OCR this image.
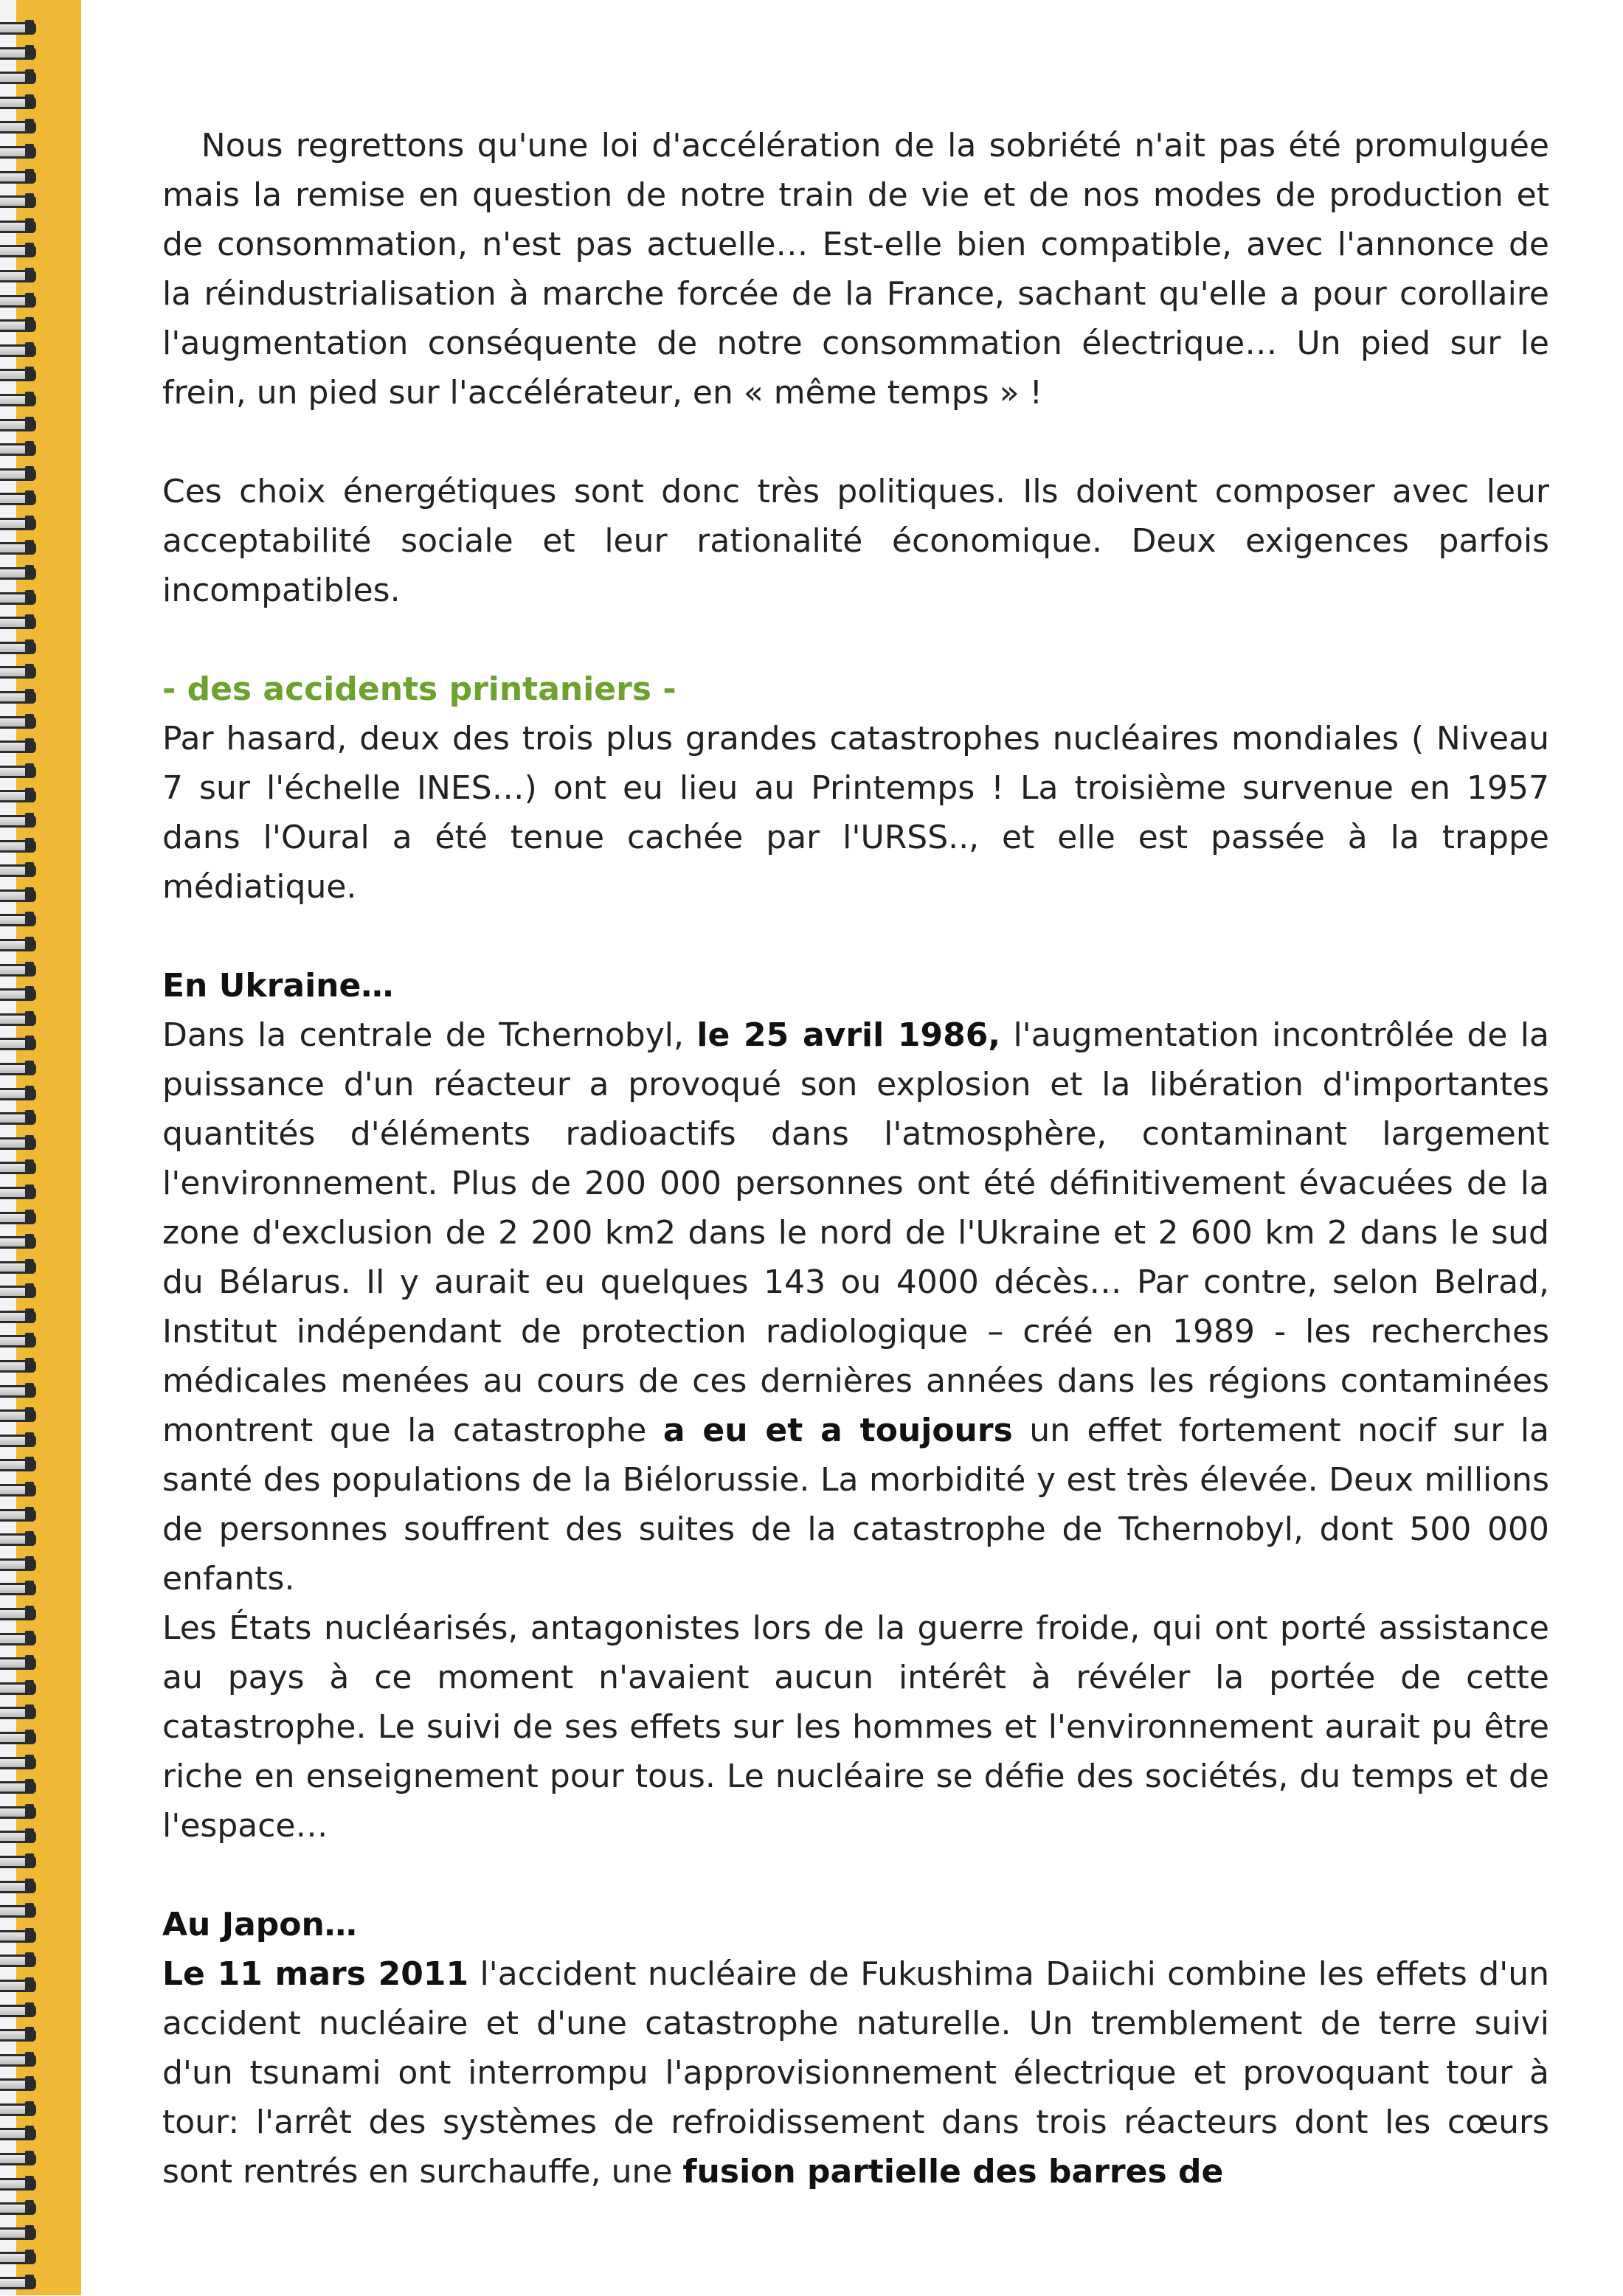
Nous regrettons qu'une loi d'accélération de la sobriété n'ait pas été promulguée mais la remise en question de notre train de vie et de nos modes de production et de consommation, n'est pas actuelle… Est-elle bien compatible, avec l'annonce de la réindustrialisation à marche forcée de la France, sachant qu'elle a pour corollaire l'augmentation conséquente de notre consommation électrique… Un pied sur le frein, un pied sur l'accélérateur, en « même temps » !

Ces choix énergétiques sont donc très politiques. Ils doivent composer avec leur acceptabilité sociale et leur rationalité économique. Deux exigences parfois incompatibles.

- des accidents printaniers -

Par hasard, deux des trois plus grandes catastrophes nucléaires mondiales ( Niveau 7 sur l'échelle INES…) ont eu lieu au Printemps ! La troisième survenue en 1957 dans l'Oural a été tenue cachée par l'URSS.., et elle est passée à la trappe médiatique.

En Ukraine…

Dans la centrale de Tchernobyl, le 25 avril 1986, l'augmentation incontrôlée de la puissance d'un réacteur a provoqué son explosion et la libération d'importantes quantités d'éléments radioactifs dans l'atmosphère, contaminant largement l'environnement. Plus de 200 000 personnes ont été définitivement évacuées de la zone d'exclusion de 2 200 km2 dans le nord de l'Ukraine et 2 600 km 2 dans le sud du Bélarus. Il y aurait eu quelques 143 ou 4000 décès… Par contre, selon Belrad, Institut indépendant de protection radiologique – créé en 1989 - les recherches médicales menées au cours de ces dernières années dans les régions contaminées montrent que la catastrophe a eu et a toujours un effet fortement nocif sur la santé des populations de la Biélorussie. La morbidité y est très élevée. Deux millions de personnes souffrent des suites de la catastrophe de Tchernobyl, dont 500 000 enfants.

Les États nucléarisés, antagonistes lors de la guerre froide, qui ont porté assistance au pays à ce moment n'avaient aucun intérêt à révéler la portée de cette catastrophe. Le suivi de ses effets sur les hommes et l'environnement aurait pu être riche en enseignement pour tous. Le nucléaire se défie des sociétés, du temps et de l'espace…

Au Japon…

Le 11 mars 2011 l'accident nucléaire de Fukushima Daiichi combine les effets d'un accident nucléaire et d'une catastrophe naturelle. Un tremblement de terre suivi d'un tsunami ont interrompu l'approvisionnement électrique et provoquant tour à tour: l'arrêt des systèmes de refroidissement dans trois réacteurs dont les cœurs sont rentrés en surchauffe, une fusion partielle des barres de
